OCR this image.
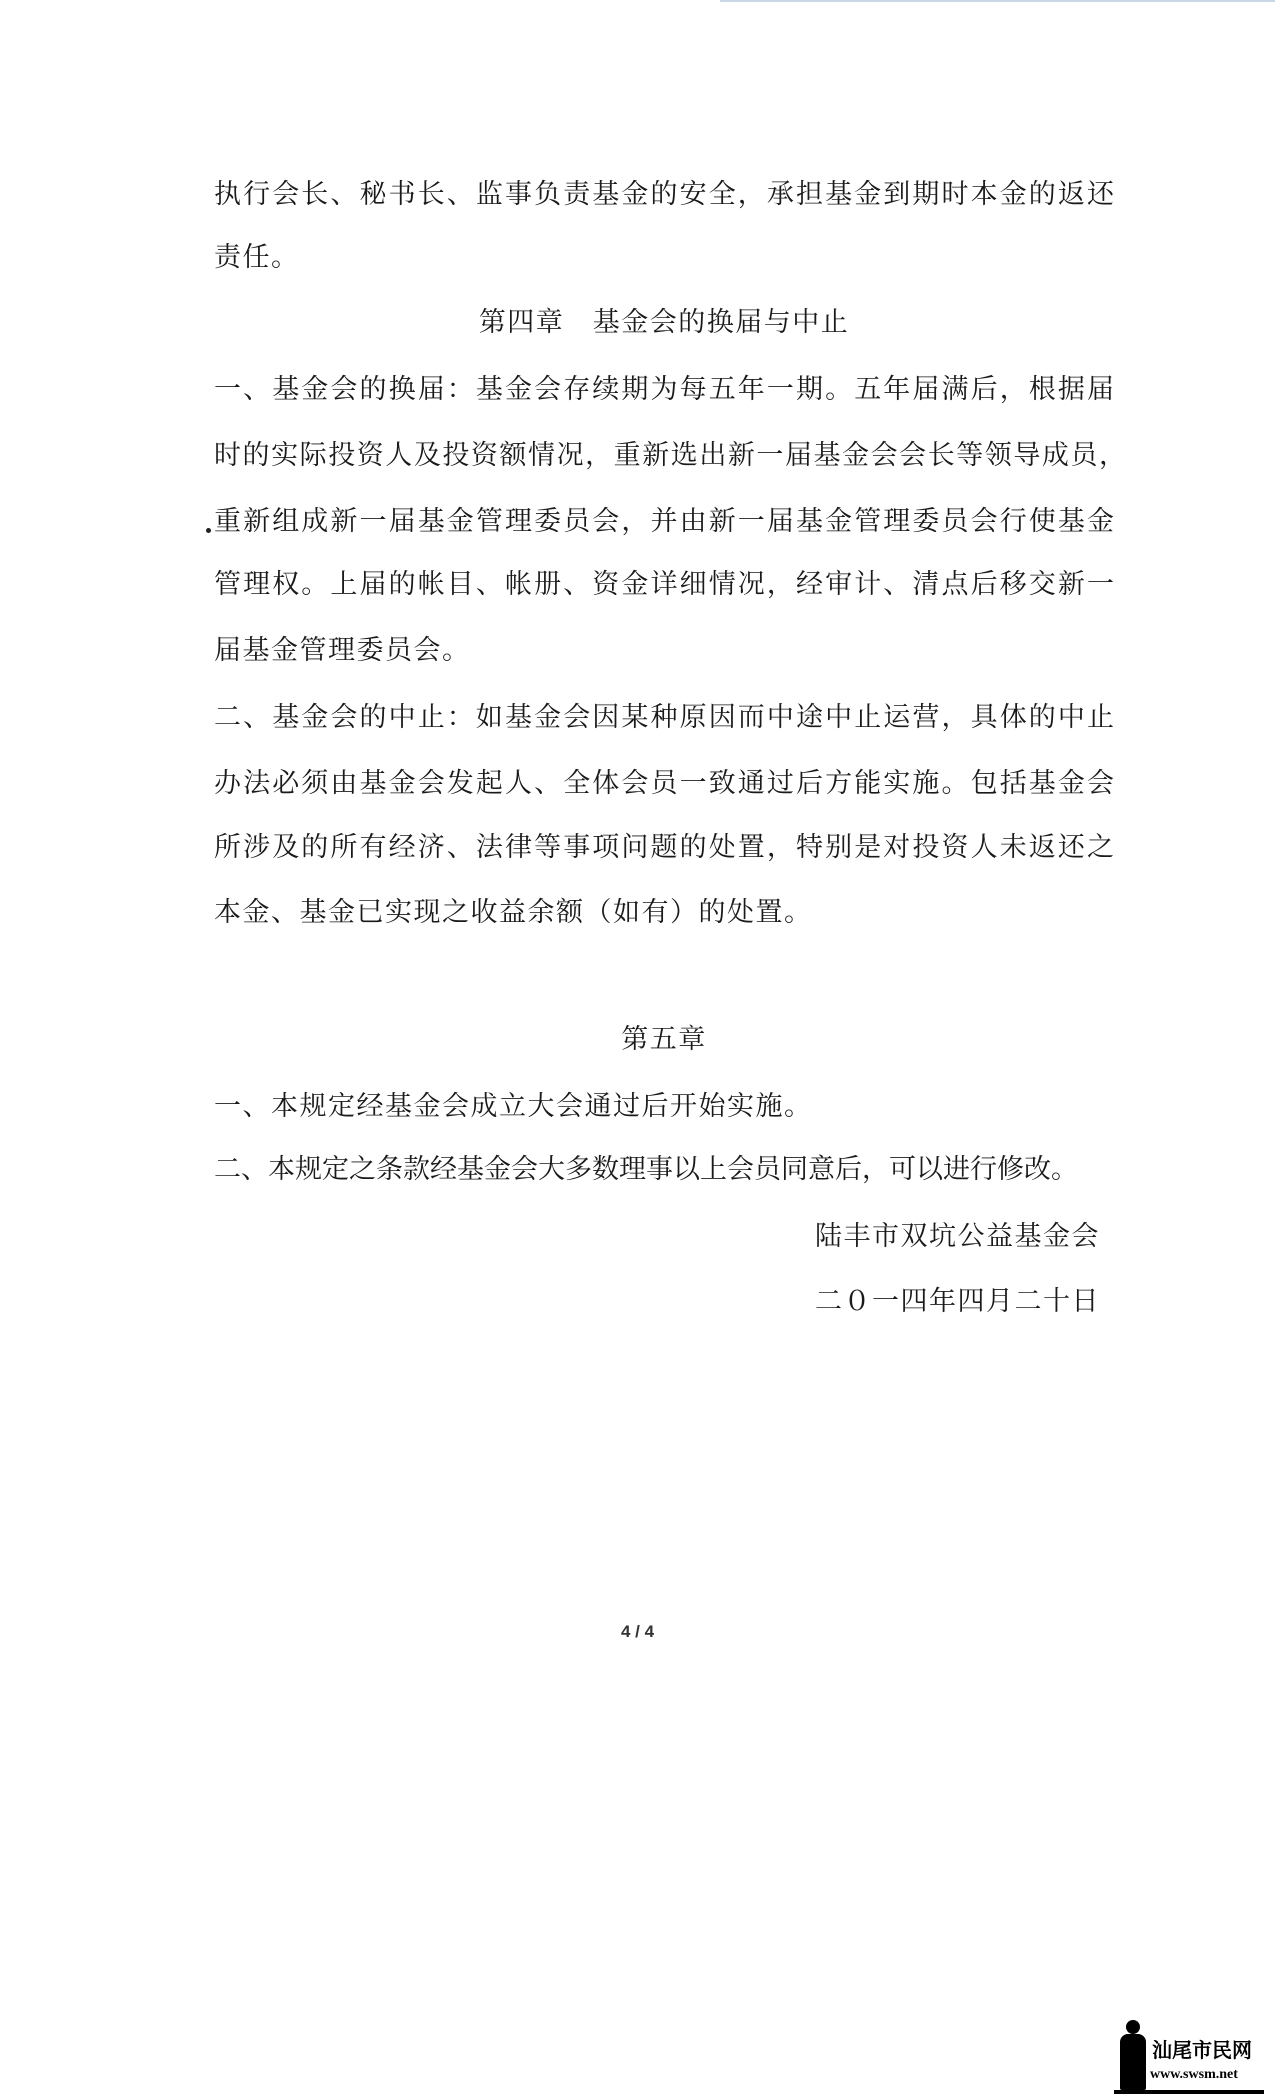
执行会长、秘书长、监事负责基金的安全，承担基金到期时本金的返还
责任。
第四章　基金会的换届与中止
一、基金会的换届：基金会存续期为每五年一期。五年届满后，根据届
时的实际投资人及投资额情况，重新选出新一届基金会会长等领导成员，
重新组成新一届基金管理委员会，并由新一届基金管理委员会行使基金
管理权。上届的帐目、帐册、资金详细情况，经审计、清点后移交新一
届基金管理委员会。
二、基金会的中止：如基金会因某种原因而中途中止运营，具体的中止
办法必须由基金会发起人、全体会员一致通过后方能实施。包括基金会
所涉及的所有经济、法律等事项问题的处置，特别是对投资人未返还之
本金、基金已实现之收益余额（如有）的处置。
第五章
一、本规定经基金会成立大会通过后开始实施。
二、本规定之条款经基金会大多数理事以上会员同意后，可以进行修改。
陆丰市双坑公益基金会
二０一四年四月二十日
4 / 4
汕尾市民网
www.swsm.net
